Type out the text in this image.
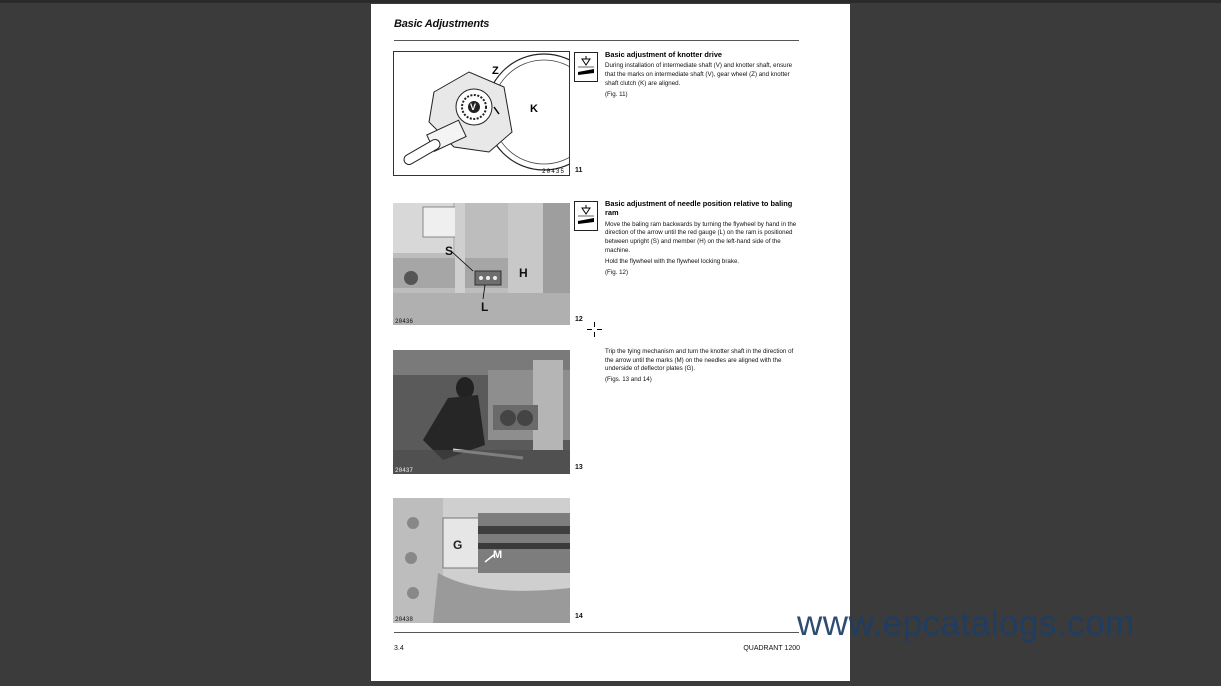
Basic Adjustments
Z
V	K
20435 11
Basic adjustment of knotter drive

During installation of intermediate shaft (V) and knotter shaft, ensure that the marks on intermediate shaft (V), gear wheel (Z) and knotter shaft clutch (K) are aligned.

(Fig. 11)

S
H
L
20436	12
Basic adjustment of needle position relative to baling ram

Move the baling ram backwards by turning the flywheel by hand in the direction of the arrow until the red gauge (L) on the ram is positioned between upright (S) and member (H) on the left-hand side of the machine.

Hold the flywheel with the flywheel locking brake.

(Fig. 12)

20437	13

Trip the tying mechanism and turn the knotter shaft in the direction of the arrow until the marks (M) on the needles are aligned with the underside of deflector plates (G).

(Figs. 13 and 14)

G
M
20438	14
3.4	QUADRANT 1200
www.epcatalogs.com
